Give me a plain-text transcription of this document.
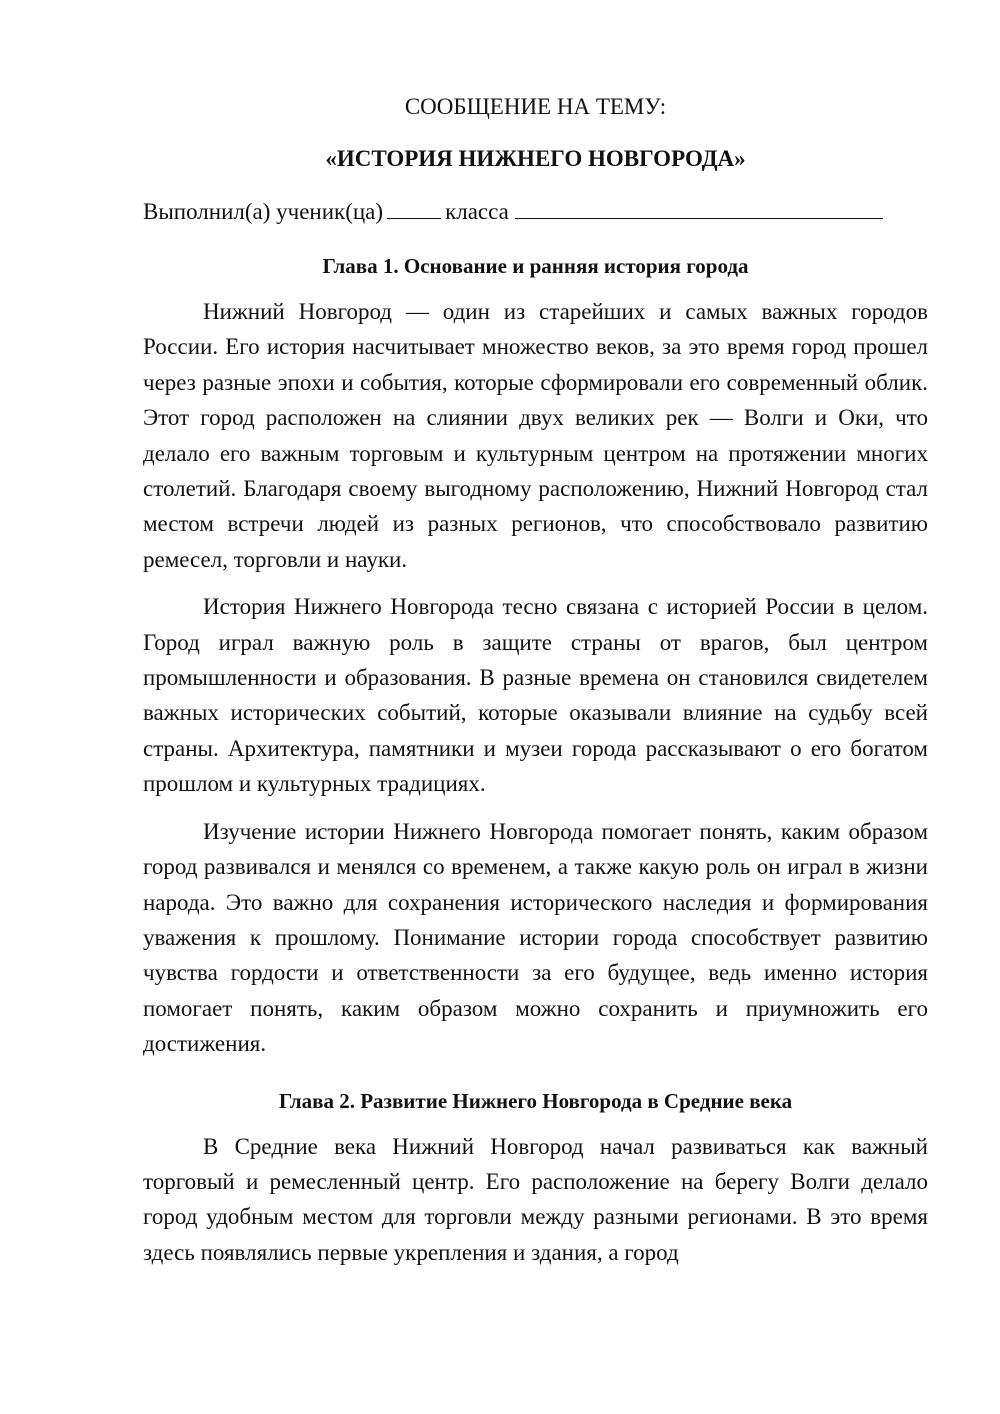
СООБЩЕНИЕ НА ТЕМУ:

«ИСТОРИЯ НИЖНЕГО НОВГОРОДА»

Выполнил(а) ученик(ца)	класса

Глава 1. Основание и ранняя история города

Нижний Новгород — один из старейших и самых важных городов России. Его история насчитывает множество веков, за это время город прошел через разные эпохи и события, которые сформировали его современный облик. Этот город расположен на слиянии двух великих рек — Волги и Оки, что делало его важным торговым и культурным центром на протяжении многих столетий. Благодаря своему выгодному расположению, Нижний Новгород стал местом встречи людей из разных регионов, что способствовало развитию ремесел, торговли и науки.

История Нижнего Новгорода тесно связана с историей России в целом. Город играл важную роль в защите страны от врагов, был центром промышленности и образования. В разные времена он становился свидетелем важных исторических событий, которые оказывали влияние на судьбу всей страны. Архитектура, памятники и музеи города рассказывают о его богатом прошлом и культурных традициях.

Изучение истории Нижнего Новгорода помогает понять, каким образом город развивался и менялся со временем, а также какую роль он играл в жизни народа. Это важно для сохранения исторического наследия и формирования уважения к прошлому. Понимание истории города способствует развитию чувства гордости и ответственности за его будущее, ведь именно история помогает понять, каким образом можно сохранить и приумножить его достижения.

Глава 2. Развитие Нижнего Новгорода в Средние века

В Средние века Нижний Новгород начал развиваться как важный торговый и ремесленный центр. Его расположение на берегу Волги делало город удобным местом для торговли между разными регионами. В это время здесь появлялись первые укрепления и здания, а город
